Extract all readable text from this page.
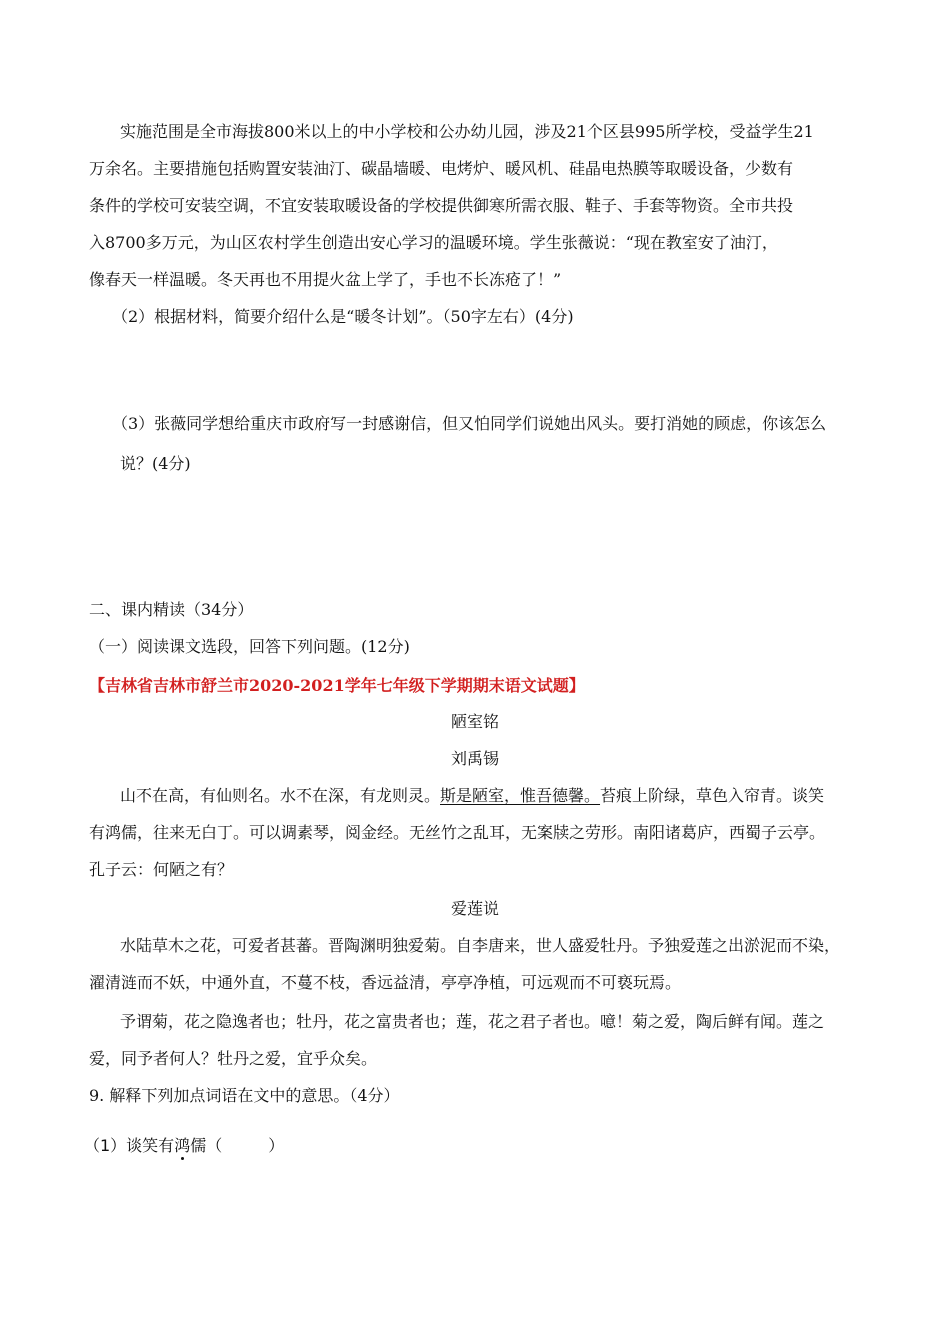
实施范围是全市海拔800米以上的中小学校和公办幼儿园，涉及21个区县995所学校，受益学生21
万余名。主要措施包括购置安装油汀、碳晶墙暖、电烤炉、暖风机、硅晶电热膜等取暖设备，少数有
条件的学校可安装空调，不宜安装取暖设备的学校提供御寒所需衣服、鞋子、手套等物资。全市共投
入8700多万元，为山区农村学生创造出安心学习的温暖环境。学生张薇说：“现在教室安了油汀，
像春天一样温暖。冬天再也不用提火盆上学了，手也不长冻疮了！”
（2）根据材料，简要介绍什么是“暖冬计划”。（50字左右）(4分)
（3）张薇同学想给重庆市政府写一封感谢信，但又怕同学们说她出风头。要打消她的顾虑，你该怎么
说？(4分)
二、课内精读（34分）
（一）阅读课文选段，回答下列问题。(12分)
【吉林省吉林市舒兰市2020-2021学年七年级下学期期末语文试题】
陋室铭
刘禹锡
山不在高，有仙则名。水不在深，有龙则灵。斯是陋室，惟吾德馨。苔痕上阶绿，草色入帘青。谈笑
有鸿儒，往来无白丁。可以调素琴，阅金经。无丝竹之乱耳，无案牍之劳形。南阳诸葛庐，西蜀子云亭。
孔子云：何陋之有？
爱莲说
水陆草木之花，可爱者甚蕃。晋陶渊明独爱菊。自李唐来，世人盛爱牡丹。予独爱莲之出淤泥而不染，
濯清涟而不妖，中通外直，不蔓不枝，香远益清，亭亭净植，可远观而不可亵玩焉。
予谓菊，花之隐逸者也；牡丹，花之富贵者也；莲，花之君子者也。噫！菊之爱，陶后鲜有闻。莲之
爱，同予者何人？牡丹之爱，宜乎众矣。
9. 解释下列加点词语在文中的意思。（4分）
（1）谈笑有鸿儒（	）
